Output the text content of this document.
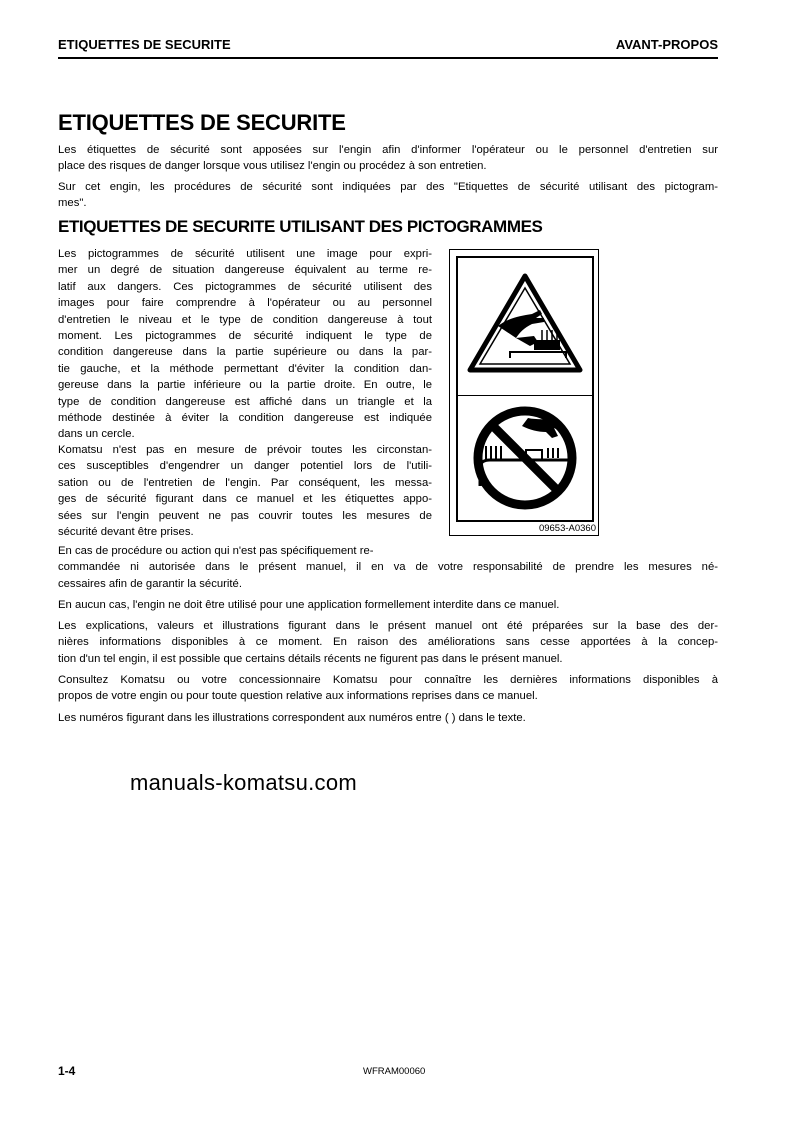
ETIQUETTES DE SECURITE	AVANT-PROPOS
ETIQUETTES DE SECURITE
Les étiquettes de sécurité sont apposées sur l'engin afin d'informer l'opérateur ou le personnel d'entretien sur
place des risques de danger lorsque vous utilisez l'engin ou procédez à son entretien.
Sur cet engin, les procédures de sécurité sont indiquées par des "Etiquettes de sécurité utilisant des pictogram-
mes".
ETIQUETTES DE SECURITE UTILISANT DES PICTOGRAMMES
Les pictogrammes de sécurité utilisent une image pour expri-
mer un degré de situation dangereuse équivalent au terme re-
latif aux dangers. Ces pictogrammes de sécurité utilisent des
images pour faire comprendre à l'opérateur ou au personnel
d'entretien le niveau et le type de condition dangereuse à tout
moment. Les pictogrammes de sécurité indiquent le type de
condition dangereuse dans la partie supérieure ou dans la par-
tie gauche, et la méthode permettant d'éviter la condition dan-
gereuse dans la partie inférieure ou la partie droite. En outre, le
type de condition dangereuse est affiché dans un triangle et la
méthode destinée à éviter la condition dangereuse est indiquée
dans un cercle.
Komatsu n'est pas en mesure de prévoir toutes les circonstan-
ces susceptibles d'engendrer un danger potentiel lors de l'utili-
sation ou de l'entretien de l'engin. Par conséquent, les messa-
ges de sécurité figurant dans ce manuel et les étiquettes appo-
sées sur l'engin peuvent ne pas couvrir toutes les mesures de
sécurité devant être prises.
En cas de procédure ou action qui n'est pas spécifiquement re-
commandée ni autorisée dans le présent manuel, il en va de votre responsabilité de prendre les mesures né-
cessaires afin de garantir la sécurité.
En aucun cas, l'engin ne doit être utilisé pour une application formellement interdite dans ce manuel.
Les explications, valeurs et illustrations figurant dans le présent manuel ont été préparées sur la base des der-
nières informations disponibles à ce moment. En raison des améliorations sans cesse apportées à la concep-
tion d'un tel engin, il est possible que certains détails récents ne figurent pas dans le présent manuel.
Consultez Komatsu ou votre concessionnaire Komatsu pour connaître les dernières informations disponibles à
propos de votre engin ou pour toute question relative aux informations reprises dans ce manuel.
Les numéros figurant dans les illustrations correspondent aux numéros entre ( ) dans le texte.
manuals-komatsu.com
09653-A0360
1-4	WFRAM00060
